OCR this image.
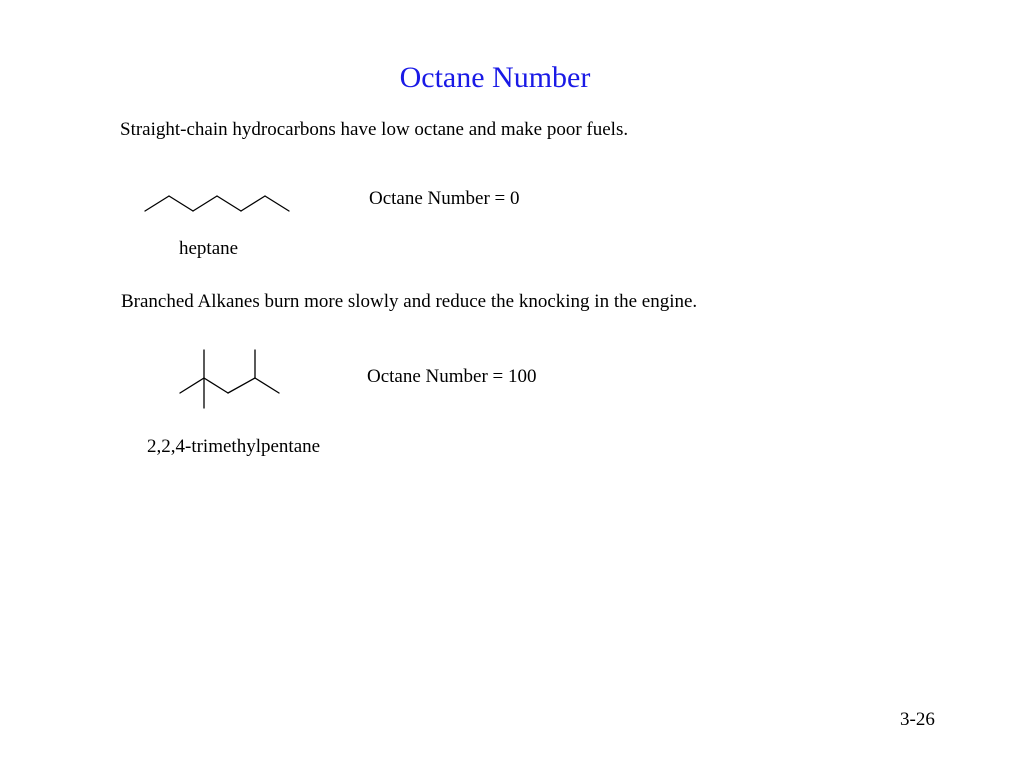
Octane Number
Straight-chain hydrocarbons have low octane and make poor fuels.
Octane Number = 0
heptane
Branched Alkanes burn more slowly and reduce the knocking in the engine.
Octane Number = 100
2,2,4-trimethylpentane
3-26
